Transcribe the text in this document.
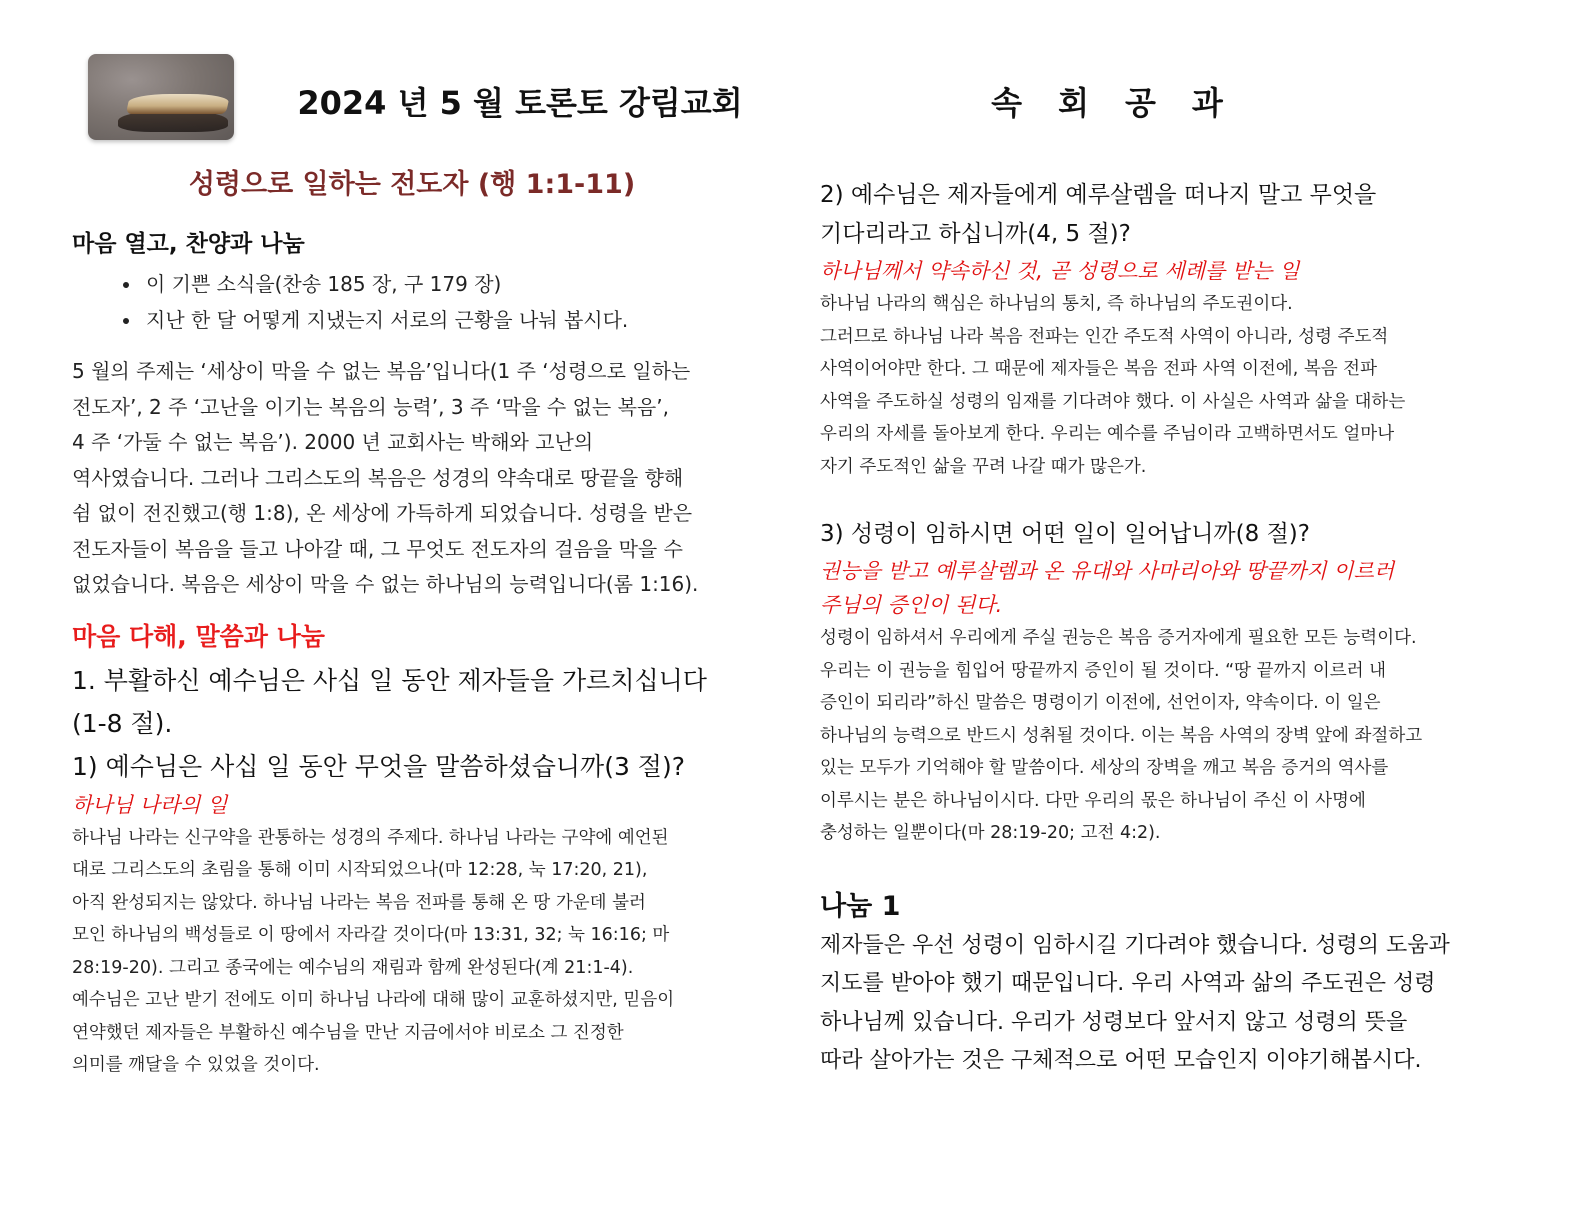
2024 년 5 월 토론토 강림교회	속회공과
성령으로 일하는 전도자 (행 1:1-11)
마음 열고, 찬양과 나눔
• 이 기쁜 소식을(찬송 185 장, 구 179 장)
• 지난 한 달 어떻게 지냈는지 서로의 근황을 나눠 봅시다.

5 월의 주제는 ‘세상이 막을 수 없는 복음’입니다(1 주 ‘성령으로 일하는
전도자’, 2 주 ‘고난을 이기는 복음의 능력’, 3 주 ‘막을 수 없는 복음’,
4 주 ‘가둘 수 없는 복음’). 2000 년 교회사는 박해와 고난의
역사였습니다. 그러나 그리스도의 복음은 성경의 약속대로 땅끝을 향해
쉼 없이 전진했고(행 1:8), 온 세상에 가득하게 되었습니다. 성령을 받은
전도자들이 복음을 들고 나아갈 때, 그 무엇도 전도자의 걸음을 막을 수
없었습니다. 복음은 세상이 막을 수 없는 하나님의 능력입니다(롬 1:16).

마음 다해, 말씀과 나눔

1. 부활하신 예수님은 사십 일 동안 제자들을 가르치십니다
(1-8 절).

1) 예수님은 사십 일 동안 무엇을 말씀하셨습니까(3 절)?

하나님 나라의 일

하나님 나라는 신구약을 관통하는 성경의 주제다. 하나님 나라는 구약에 예언된
대로 그리스도의 초림을 통해 이미 시작되었으나(마 12:28, 눅 17:20, 21),
아직 완성되지는 않았다. 하나님 나라는 복음 전파를 통해 온 땅 가운데 불러
모인 하나님의 백성들로 이 땅에서 자라갈 것이다(마 13:31, 32; 눅 16:16; 마
28:19-20). 그리고 종국에는 예수님의 재림과 함께 완성된다(계 21:1-4).
예수님은 고난 받기 전에도 이미 하나님 나라에 대해 많이 교훈하셨지만, 믿음이
연약했던 제자들은 부활하신 예수님을 만난 지금에서야 비로소 그 진정한
의미를 깨달을 수 있었을 것이다.

2) 예수님은 제자들에게 예루살렘을 떠나지 말고 무엇을
기다리라고 하십니까(4, 5 절)?

하나님께서 약속하신 것, 곧 성령으로 세례를 받는 일

하나님 나라의 핵심은 하나님의 통치, 즉 하나님의 주도권이다.
그러므로 하나님 나라 복음 전파는 인간 주도적 사역이 아니라, 성령 주도적
사역이어야만 한다. 그 때문에 제자들은 복음 전파 사역 이전에, 복음 전파
사역을 주도하실 성령의 임재를 기다려야 했다. 이 사실은 사역과 삶을 대하는
우리의 자세를 돌아보게 한다. 우리는 예수를 주님이라 고백하면서도 얼마나
자기 주도적인 삶을 꾸려 나갈 때가 많은가.

3) 성령이 임하시면 어떤 일이 일어납니까(8 절)?

권능을 받고 예루살렘과 온 유대와 사마리아와 땅끝까지 이르러
주님의 증인이 된다.

성령이 임하셔서 우리에게 주실 권능은 복음 증거자에게 필요한 모든 능력이다.
우리는 이 권능을 힘입어 땅끝까지 증인이 될 것이다. “땅 끝까지 이르러 내
증인이 되리라”하신 말씀은 명령이기 이전에, 선언이자, 약속이다. 이 일은
하나님의 능력으로 반드시 성취될 것이다. 이는 복음 사역의 장벽 앞에 좌절하고
있는 모두가 기억해야 할 말씀이다. 세상의 장벽을 깨고 복음 증거의 역사를
이루시는 분은 하나님이시다. 다만 우리의 몫은 하나님이 주신 이 사명에
충성하는 일뿐이다(마 28:19-20; 고전 4:2).

나눔 1

제자들은 우선 성령이 임하시길 기다려야 했습니다. 성령의 도움과
지도를 받아야 했기 때문입니다. 우리 사역과 삶의 주도권은 성령
하나님께 있습니다. 우리가 성령보다 앞서지 않고 성령의 뜻을
따라 살아가는 것은 구체적으로 어떤 모습인지 이야기해봅시다.
